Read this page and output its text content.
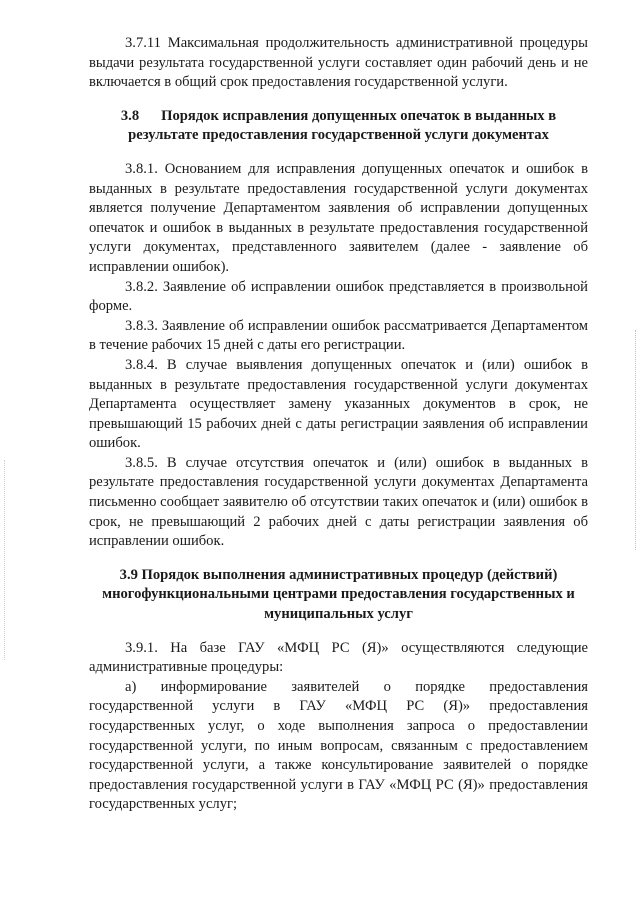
3.7.11 Максимальная продолжительность административной процедуры выдачи результата государственной услуги составляет один рабочий день и не включается в общий срок предоставления государственной услуги.

3.8 Порядок исправления допущенных опечаток в выданных в результате предоставления государственной услуги документах

3.8.1. Основанием для исправления допущенных опечаток и ошибок в выданных в результате предоставления государственной услуги документах является получение Департаментом заявления об исправлении допущенных опечаток и ошибок в выданных в результате предоставления государственной услуги документах, представленного заявителем (далее - заявление об исправлении ошибок).

3.8.2. Заявление об исправлении ошибок представляется в произвольной форме.

3.8.3. Заявление об исправлении ошибок рассматривается Департаментом в течение рабочих 15 дней с даты его регистрации.

3.8.4. В случае выявления допущенных опечаток и (или) ошибок в выданных в результате предоставления государственной услуги документах Департамента осуществляет замену указанных документов в срок, не превышающий 15 рабочих дней с даты регистрации заявления об исправлении ошибок.

3.8.5. В случае отсутствия опечаток и (или) ошибок в выданных в результате предоставления государственной услуги документах Департамента письменно сообщает заявителю об отсутствии таких опечаток и (или) ошибок в срок, не превышающий 2 рабочих дней с даты регистрации заявления об исправлении ошибок.

3.9 Порядок выполнения административных процедур (действий) многофункциональными центрами предоставления государственных и муниципальных услуг

3.9.1. На базе ГАУ «МФЦ РС (Я)» осуществляются следующие административные процедуры:

а) информирование заявителей о порядке предоставления государственной услуги в ГАУ «МФЦ РС (Я)» предоставления государственных услуг, о ходе выполнения запроса о предоставлении государственной услуги, по иным вопросам, связанным с предоставлением государственной услуги, а также консультирование заявителей о порядке предоставления государственной услуги в ГАУ «МФЦ РС (Я)» предоставления государственных услуг;
